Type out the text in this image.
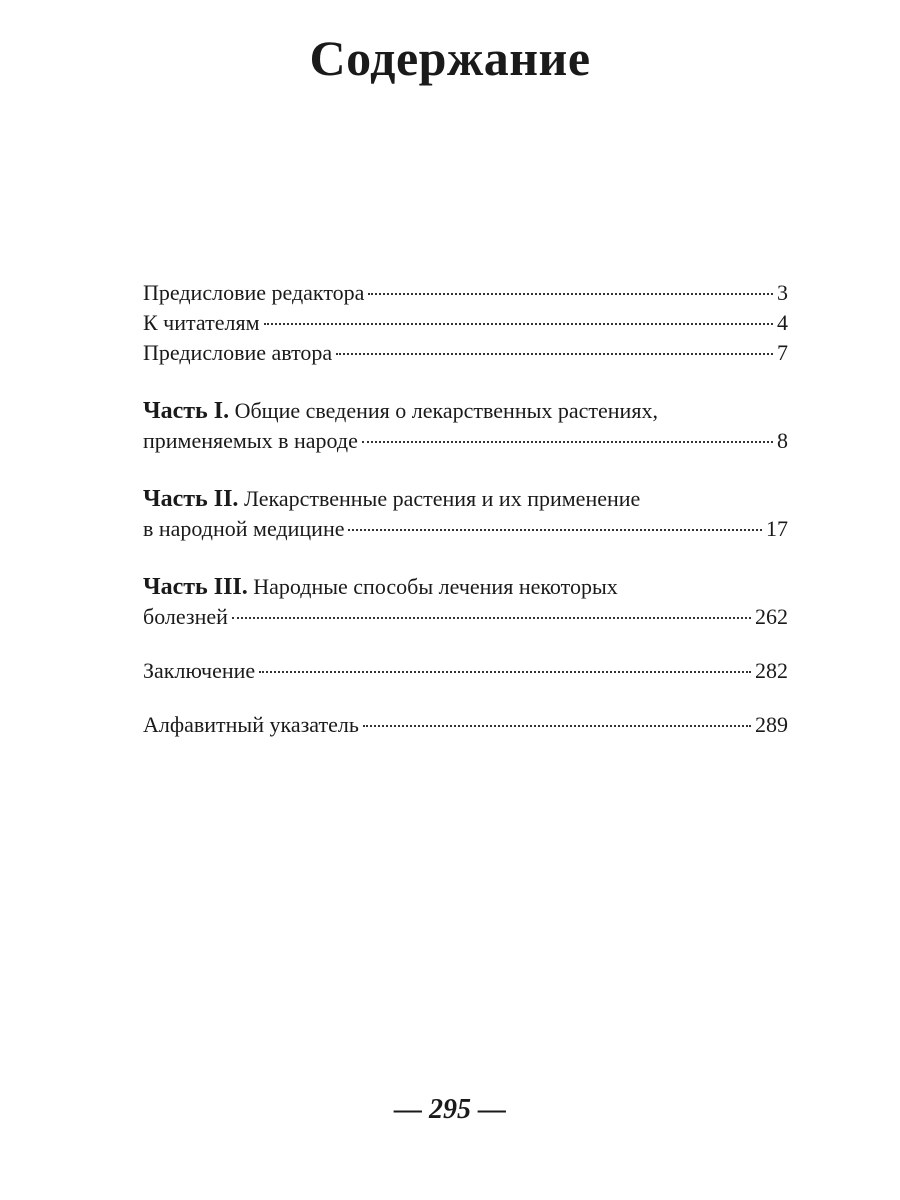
Содержание
Предисловие редактора	3
К читателям	4
Предисловие автора	7
Часть I. Общие сведения о лекарственных растениях,
применяемых в народе	8
Часть II. Лекарственные растения и их применение
в народной медицине	17
Часть III. Народные способы лечения некоторых
болезней	262
Заключение	282
Алфавитный указатель	289
— 295 —
